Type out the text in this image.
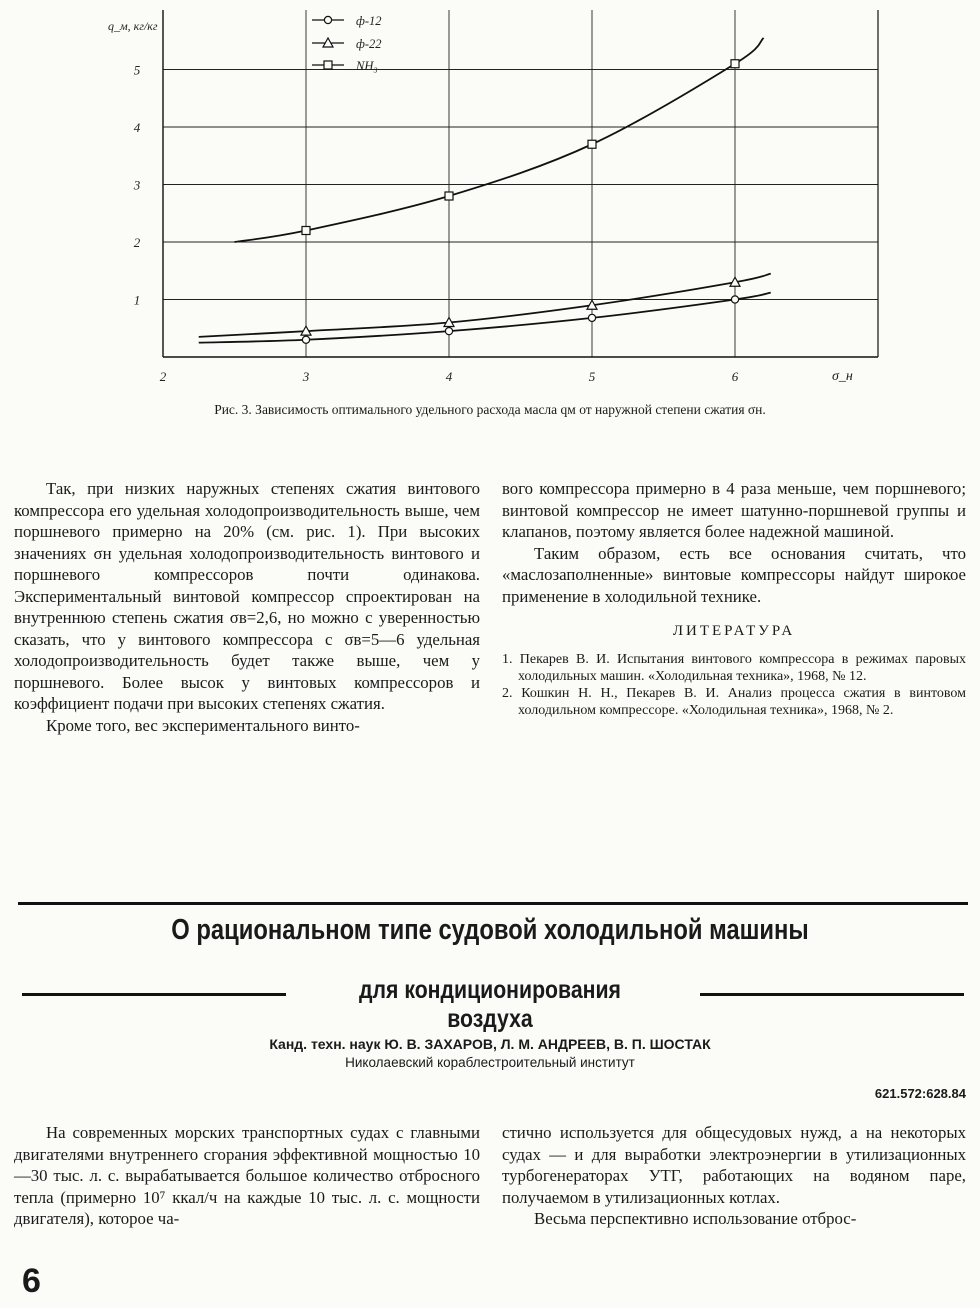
2	3	4	5	6
1
2
3
4
5
q_м, кг/кг
σ_н
ф-12
ф-22
NH₃
Рис. 3. Зависимость оптимального удельного расхода масла qм от наружной степени сжатия σн.

Так, при низких наружных степенях сжатия винтового компрессора его удельная холодопроизводительность выше, чем поршневого примерно на 20% (см. рис. 1). При высоких значениях σн удельная холодопроизводительность винтового и поршневого компрессоров почти одинакова. Экспериментальный винтовой компрессор спроектирован на внутреннюю степень сжатия σв=2,6, но можно с уверенностью сказать, что у винтового компрессора с σв=5—6 удельная холодопроизводительность будет также выше, чем у поршневого. Более высок у винтовых компрессоров и коэффициент подачи при высоких степенях сжатия.

Кроме того, вес экспериментального винто-

вого компрессора примерно в 4 раза меньше, чем поршневого; винтовой компрессор не имеет шатунно-поршневой группы и клапанов, поэтому является более надежной машиной.

Таким образом, есть все основания считать, что «маслозаполненные» винтовые компрессоры найдут широкое применение в холодильной технике.

ЛИТЕРАТУРА
1. Пекарев В. И. Испытания винтового компрессора в режимах паровых холодильных машин. «Холодильная техника», 1968, № 12.
2. Кошкин Н. Н., Пекарев В. И. Анализ процесса сжатия в винтовом холодильном компрессоре. «Холодильная техника», 1968, № 2.
О рациональном типе судовой холодильной машины
для кондиционирования воздуха
Канд. техн. наук Ю. В. ЗАХАРОВ, Л. М. АНДРЕЕВ, В. П. ШОСТАК
Николаевский кораблестроительный институт
621.572:628.84

На современных морских транспортных судах с главными двигателями внутреннего сгорания эффективной мощностью 10—30 тыс. л. с. вырабатывается большое количество отбросного тепла (примерно 10⁷ ккал/ч на каждые 10 тыс. л. с. мощности двигателя), которое ча-

стично используется для общесудовых нужд, а на некоторых судах — и для выработки электроэнергии в утилизационных турбогенераторах УТГ, работающих на водяном паре, получаемом в утилизационных котлах.

Весьма перспективно использование отброс-

6
